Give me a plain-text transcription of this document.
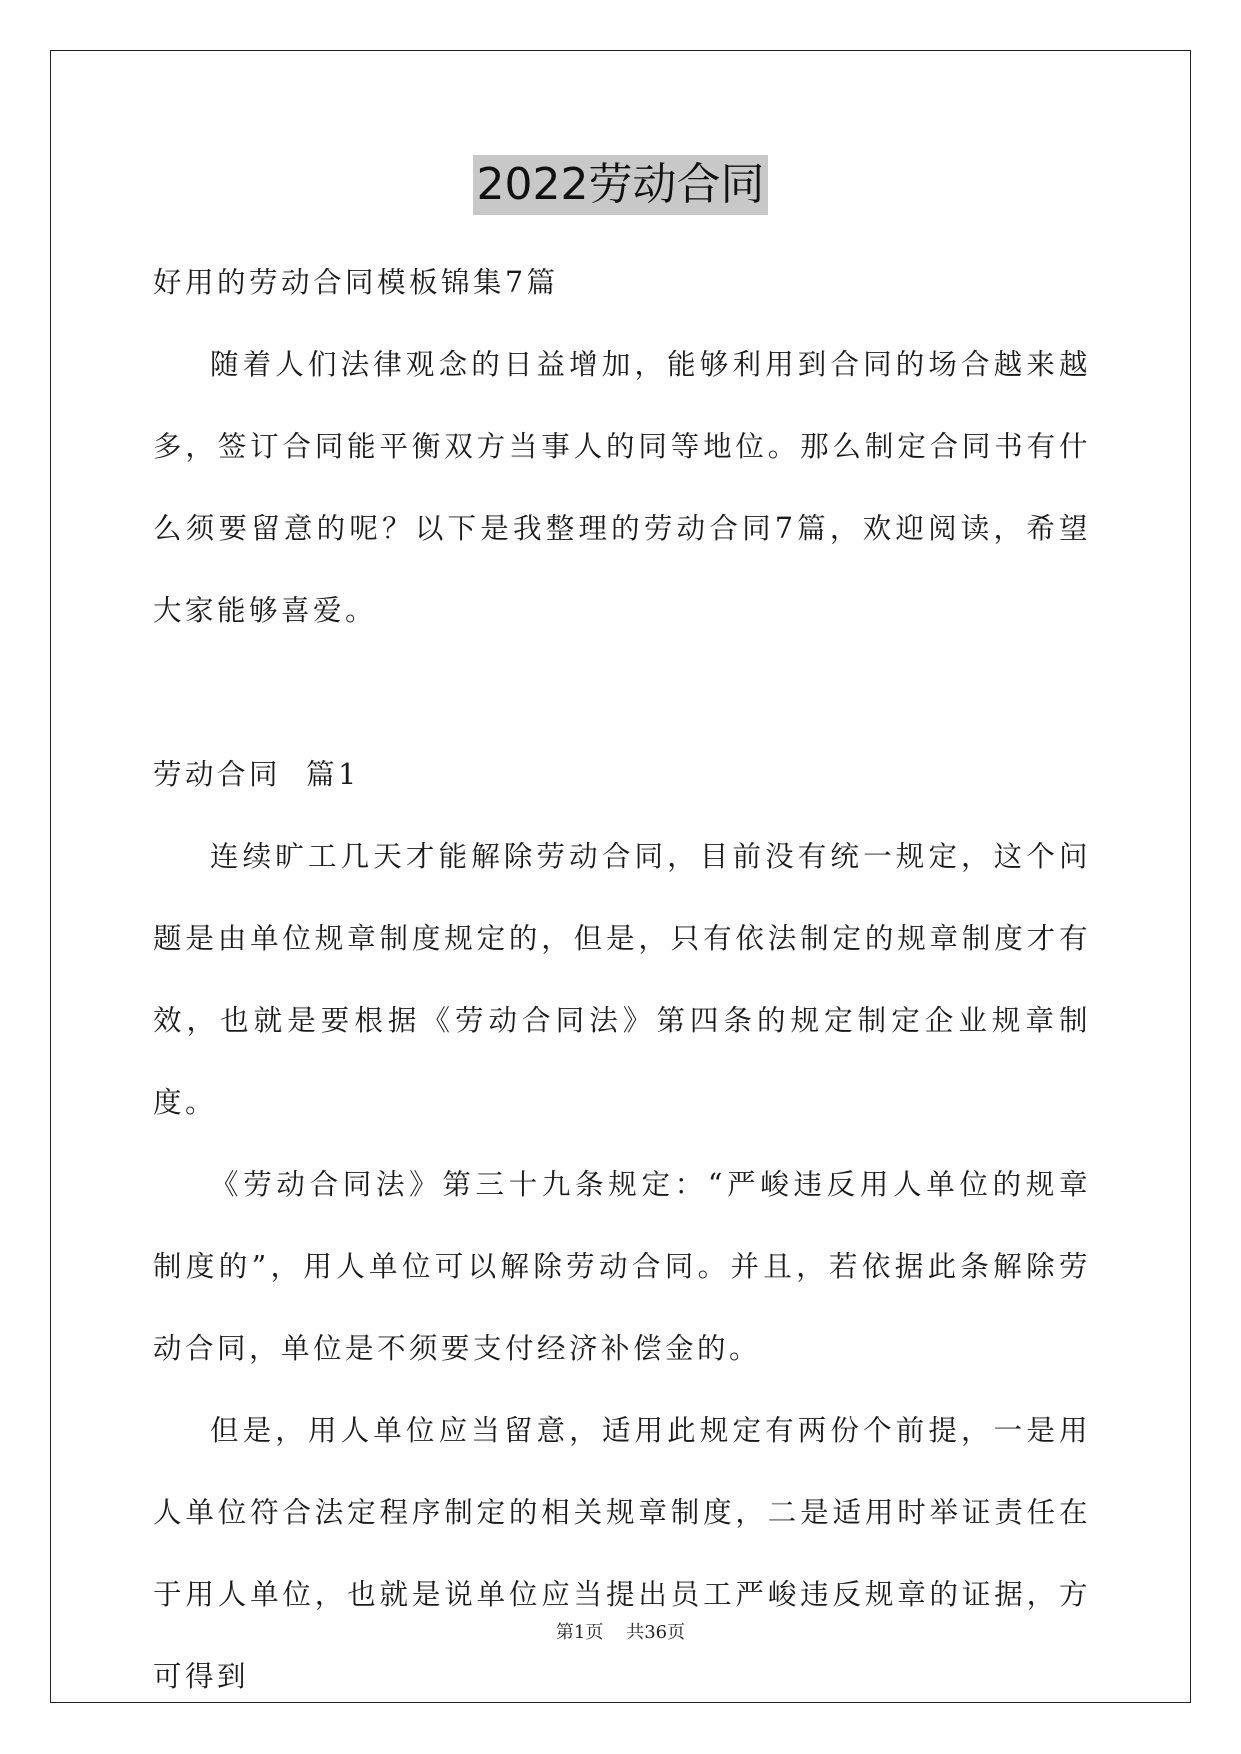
2022劳动合同

好用的劳动合同模板锦集7篇

随着人们法律观念的日益增加，能够利用到合同的场合越来越多，签订合同能平衡双方当事人的同等地位。那么制定合同书有什么须要留意的呢？以下是我整理的劳动合同7篇，欢迎阅读，希望大家能够喜爱。

劳动合同  篇1

连续旷工几天才能解除劳动合同，目前没有统一规定，这个问题是由单位规章制度规定的，但是，只有依法制定的规章制度才有效，也就是要根据《劳动合同法》第四条的规定制定企业规章制度。

《劳动合同法》第三十九条规定：“严峻违反用人单位的规章制度的”，用人单位可以解除劳动合同。并且，若依据此条解除劳动合同，单位是不须要支付经济补偿金的。

但是，用人单位应当留意，适用此规定有两份个前提，一是用人单位符合法定程序制定的相关规章制度，二是适用时举证责任在于用人单位，也就是说单位应当提出员工严峻违反规章的证据，方可得到

第1页    共36页
